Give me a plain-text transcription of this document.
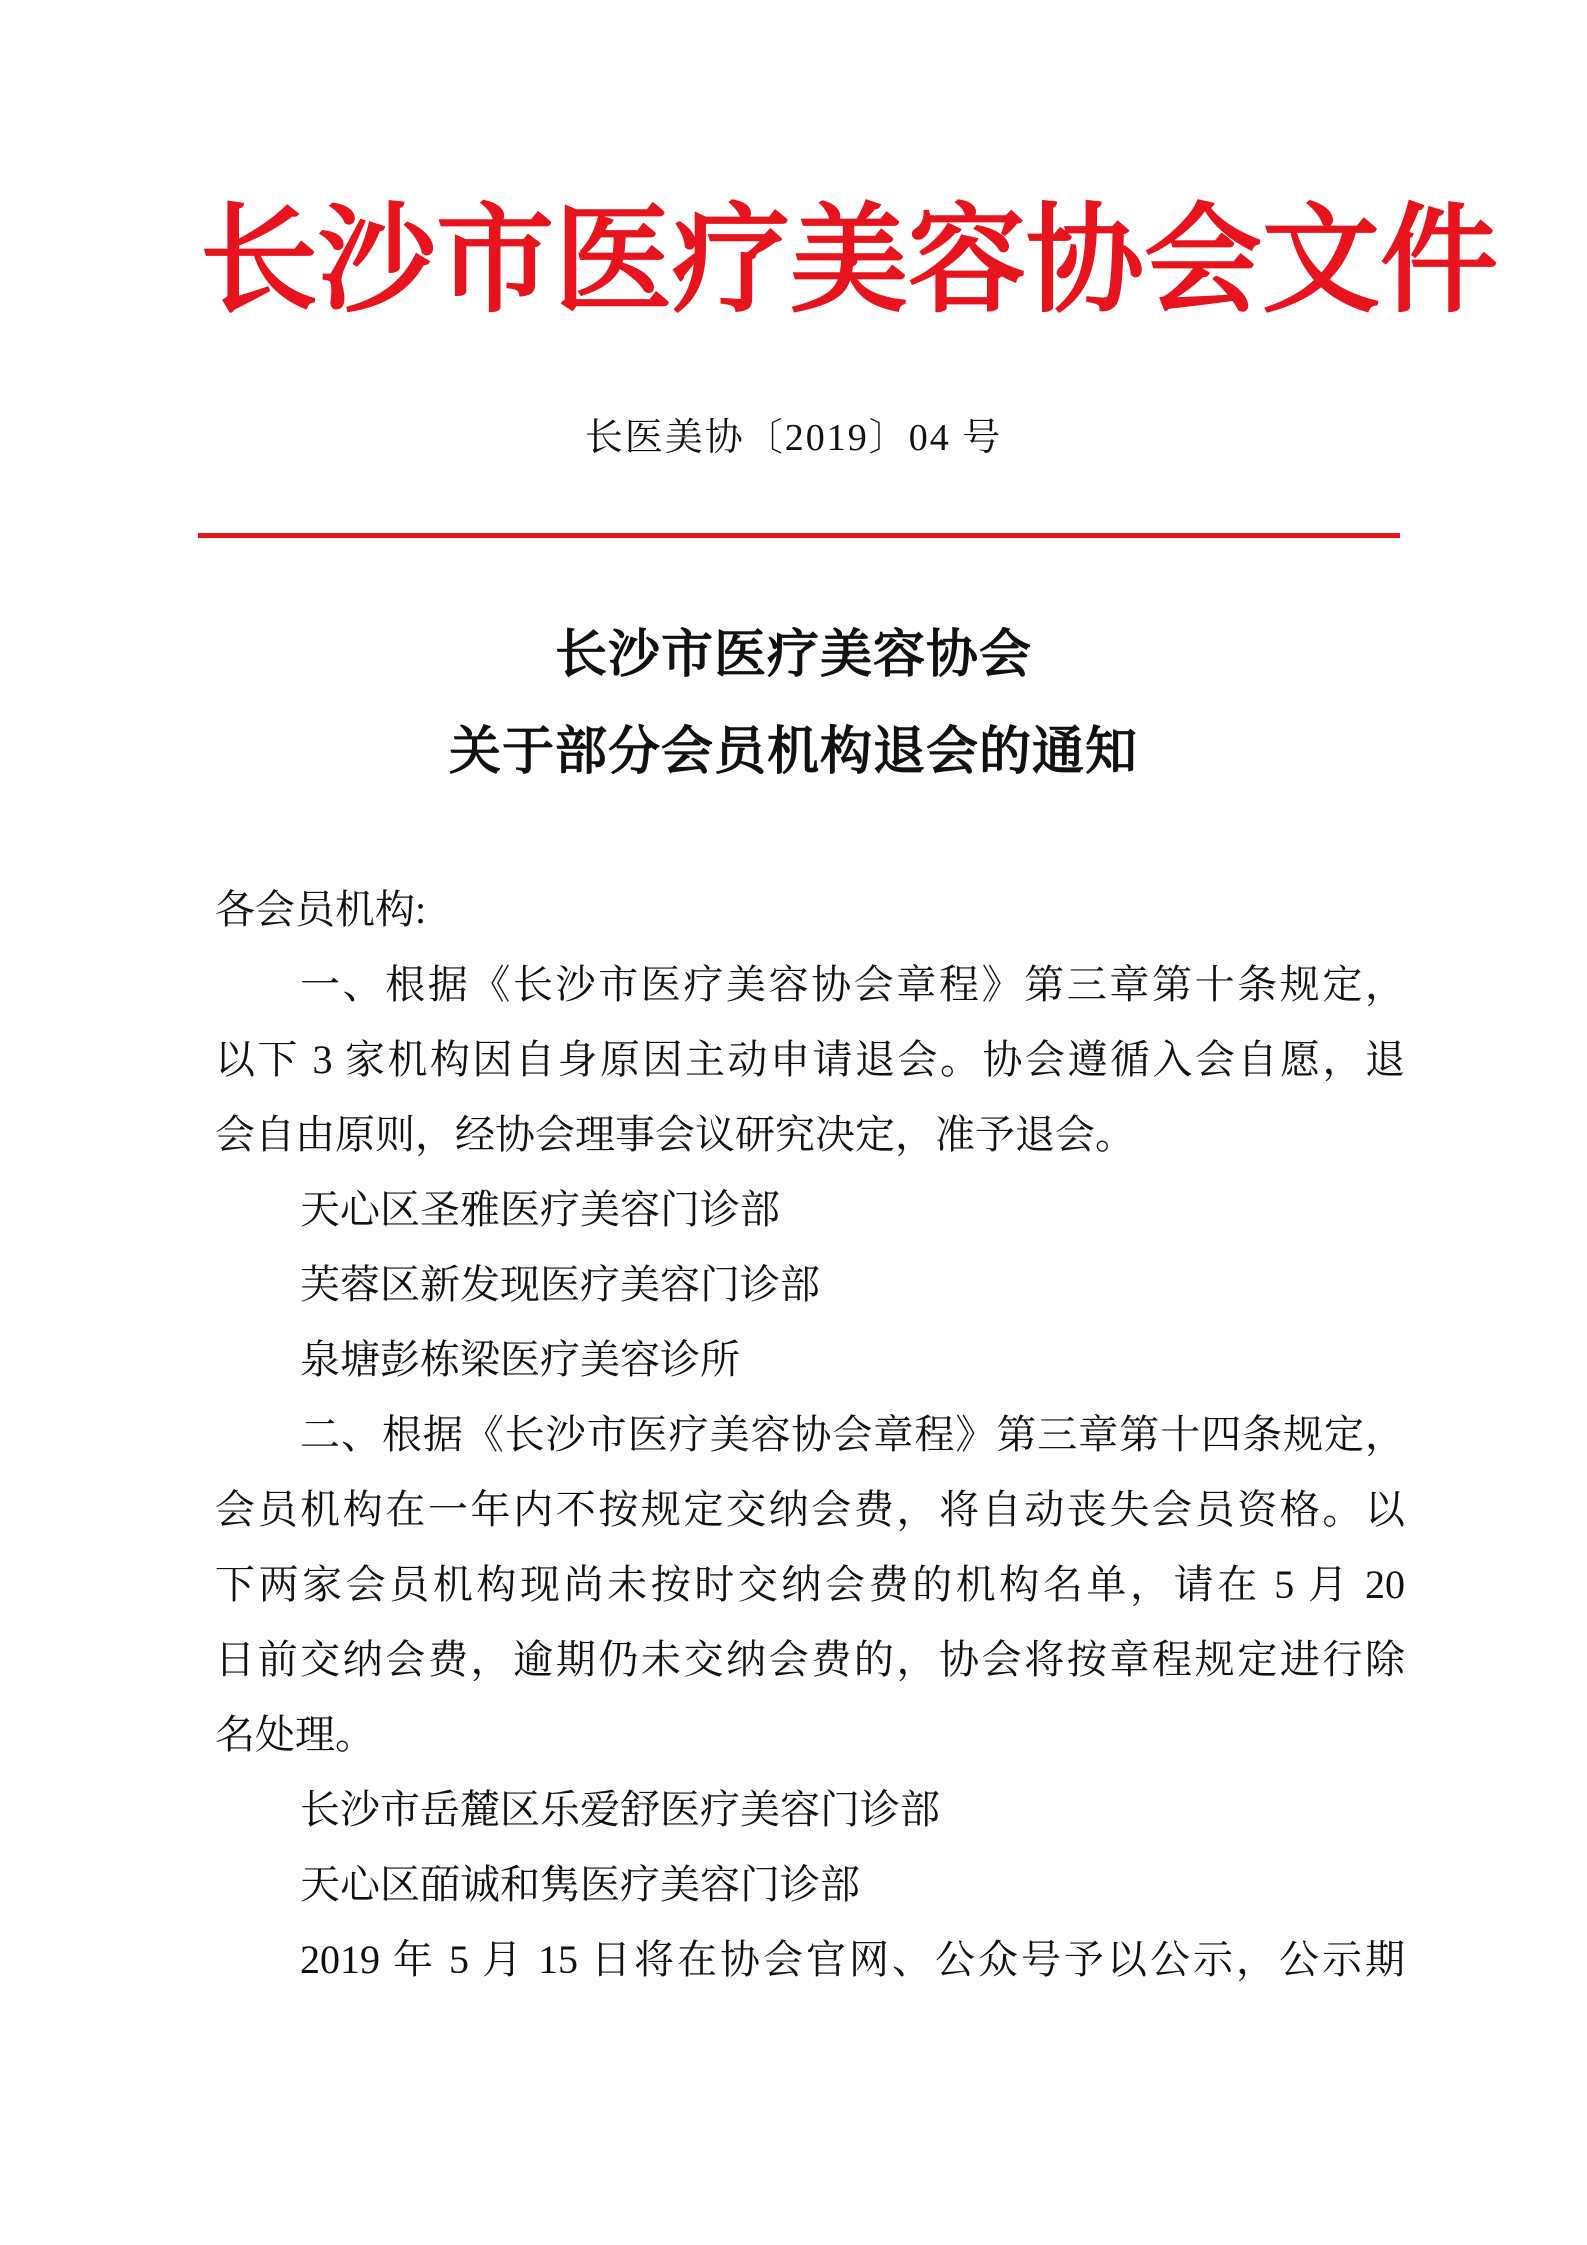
长沙市医疗美容协会文件
长医美协〔2019〕04 号
长沙市医疗美容协会
关于部分会员机构退会的通知
各会员机构:
一、根据《长沙市医疗美容协会章程》第三章第十条规定，
以下 3 家机构因自身原因主动申请退会。协会遵循入会自愿，退
会自由原则，经协会理事会议研究决定，准予退会。
天心区圣雅医疗美容门诊部
芙蓉区新发现医疗美容门诊部
泉塘彭栋梁医疗美容诊所
二、根据《长沙市医疗美容协会章程》第三章第十四条规定，
会员机构在一年内不按规定交纳会费，将自动丧失会员资格。以
下两家会员机构现尚未按时交纳会费的机构名单，请在 5 月 20
日前交纳会费，逾期仍未交纳会费的，协会将按章程规定进行除
名处理。
长沙市岳麓区乐爱舒医疗美容门诊部
天心区皕诚和隽医疗美容门诊部
2019 年 5 月 15 日将在协会官网、公众号予以公示，公示期
